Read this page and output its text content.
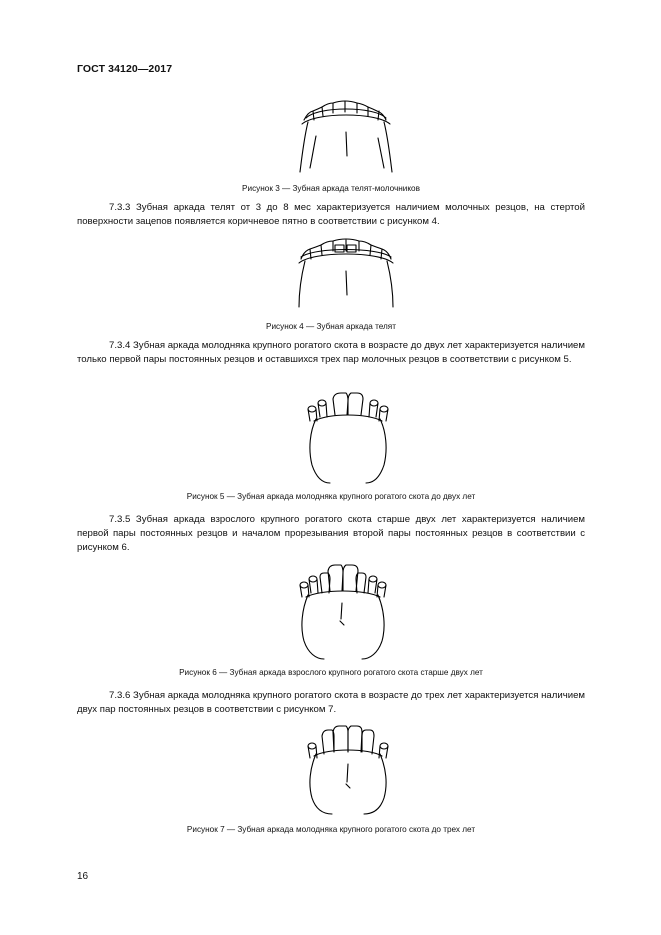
ГОСТ 34120—2017
Рисунок 3 — Зубная аркада телят-молочников

7.3.3 Зубная аркада телят от 3 до 8 мес характеризуется наличием молочных резцов, на стертой поверхности зацепов появляется коричневое пятно в соответствии с рисунком 4.

Рисунок 4 — Зубная аркада телят

7.3.4 Зубная аркада молодняка крупного рогатого скота в возрасте до двух лет характеризуется наличием только первой пары постоянных резцов и оставшихся трех пар молочных резцов в соответствии с рисунком 5.

Рисунок 5 — Зубная аркада молодняка крупного рогатого скота до двух лет

7.3.5 Зубная аркада взрослого крупного рогатого скота старше двух лет характеризуется наличием первой пары постоянных резцов и началом прорезывания второй пары постоянных резцов в соответствии с рисунком 6.

Рисунок 6 — Зубная аркада взрослого крупного рогатого скота старше двух лет

7.3.6 Зубная аркада молодняка крупного рогатого скота в возрасте до трех лет характеризуется наличием двух пар постоянных резцов в соответствии с рисунком 7.

Рисунок 7 — Зубная аркада молодняка крупного рогатого скота до трех лет
16
